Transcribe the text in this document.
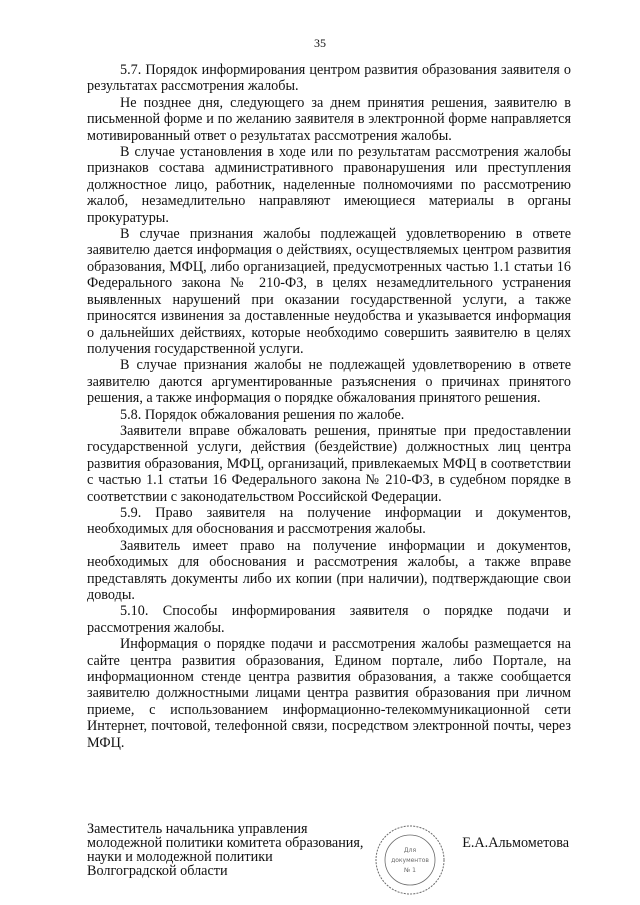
35

5.7. Порядок информирования центром развития образования заявителя о результатах рассмотрения жалобы.

Не позднее дня, следующего за днем принятия решения, заявителю в письменной форме и по желанию заявителя в электронной форме направляется мотивированный ответ о результатах рассмотрения жалобы.

В случае установления в ходе или по результатам рассмотрения жалобы признаков состава административного правонарушения или преступления должностное лицо, работник, наделенные полномочиями по рассмотрению жалоб, незамедлительно направляют имеющиеся материалы в органы прокуратуры.

В случае признания жалобы подлежащей удовлетворению в ответе заявителю дается информация о действиях, осуществляемых центром развития образования, МФЦ, либо организацией, предусмотренных частью 1.1 статьи 16 Федерального закона № 210-ФЗ, в целях незамедлительного устранения выявленных нарушений при оказании государственной услуги, а также приносятся извинения за доставленные неудобства и указывается информация о дальнейших действиях, которые необходимо совершить заявителю в целях получения государственной услуги.

В случае признания жалобы не подлежащей удовлетворению в ответе заявителю даются аргументированные разъяснения о причинах принятого решения, а также информация о порядке обжалования принятого решения.

5.8. Порядок обжалования решения по жалобе.

Заявители вправе обжаловать решения, принятые при предоставлении государственной услуги, действия (бездействие) должностных лиц центра развития образования, МФЦ, организаций, привлекаемых МФЦ в соответствии с частью 1.1 статьи 16 Федерального закона № 210-ФЗ, в судебном порядке в соответствии с законодательством Российской Федерации.

5.9. Право заявителя на получение информации и документов, необходимых для обоснования и рассмотрения жалобы.

Заявитель имеет право на получение информации и документов, необходимых для обоснования и рассмотрения жалобы, а также вправе представлять документы либо их копии (при наличии), подтверждающие свои доводы.

5.10. Способы информирования заявителя о порядке подачи и рассмотрения жалобы.

Информация о порядке подачи и рассмотрения жалобы размещается на сайте центра развития образования, Едином портале, либо Портале, на информационном стенде центра развития образования, а также сообщается заявителю должностными лицами центра развития образования при личном приеме, с использованием информационно-телекоммуникационной сети Интернет, почтовой, телефонной связи, посредством электронной почты, через МФЦ.

Заместитель начальника управления
молодежной политики комитета образования,
науки и молодежной политики
Волгоградской области
Для
документов
№ 1
Е.А.Альмометова
